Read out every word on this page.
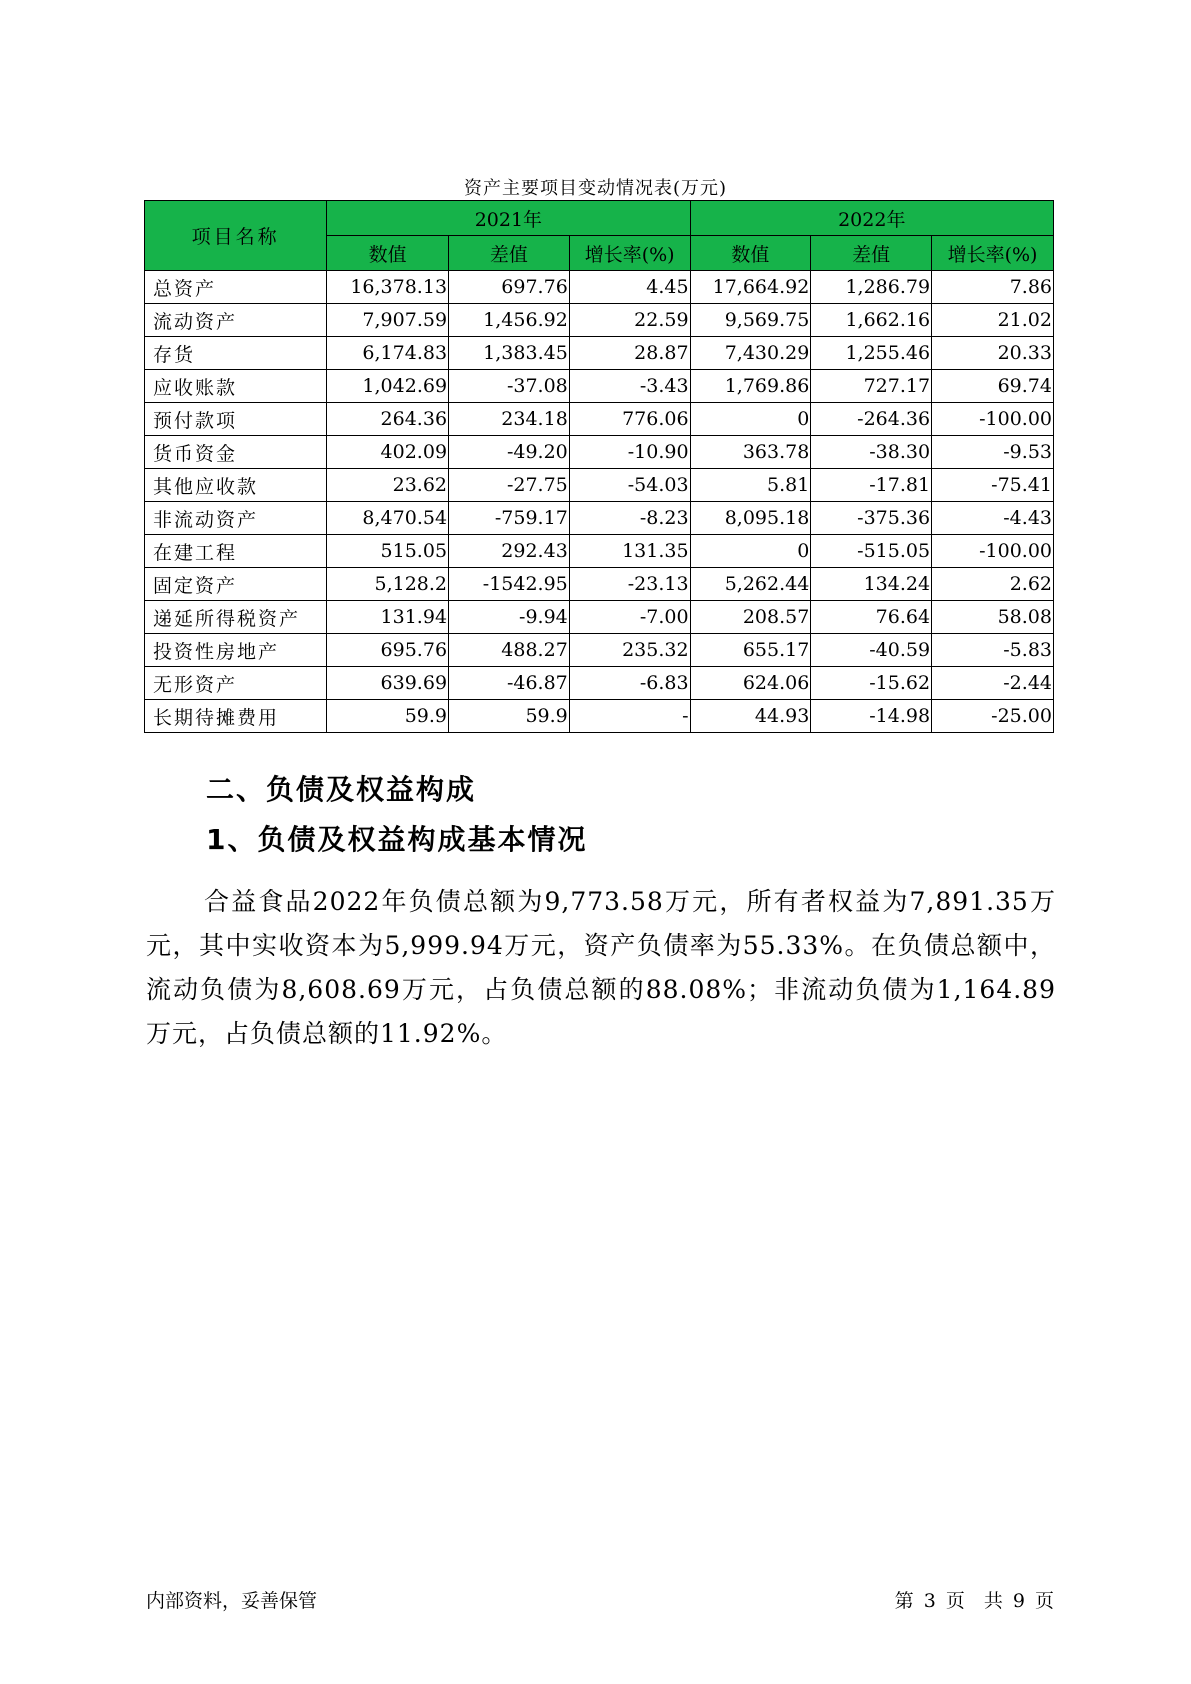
资产主要项目变动情况表(万元)
项目名称	2021年			2022年		
	数值	差值	增长率(%)	数值	差值	增长率(%)
总资产	16,378.13	697.76	4.45	17,664.92	1,286.79	7.86
流动资产	7,907.59	1,456.92	22.59	9,569.75	1,662.16	21.02
存货	6,174.83	1,383.45	28.87	7,430.29	1,255.46	20.33
应收账款	1,042.69	-37.08	-3.43	1,769.86	727.17	69.74
预付款项	264.36	234.18	776.06	0	-264.36	-100.00
货币资金	402.09	-49.20	-10.90	363.78	-38.30	-9.53
其他应收款	23.62	-27.75	-54.03	5.81	-17.81	-75.41
非流动资产	8,470.54	-759.17	-8.23	8,095.18	-375.36	-4.43
在建工程	515.05	292.43	131.35	0	-515.05	-100.00
固定资产	5,128.2	-1542.95	-23.13	5,262.44	134.24	2.62
递延所得税资产	131.94	-9.94	-7.00	208.57	76.64	58.08
投资性房地产	695.76	488.27	235.32	655.17	-40.59	-5.83
无形资产	639.69	-46.87	-6.83	624.06	-15.62	-2.44
长期待摊费用	59.9	59.9	-	44.93	-14.98	-25.00
二、负债及权益构成
1、负债及权益构成基本情况

合益食品2022年负债总额为9,773.58万元，所有者权益为7,891.35万元，其中实收资本为5,999.94万元，资产负债率为55.33%。在负债总额中，流动负债为8,608.69万元，占负债总额的88.08%；非流动负债为1,164.89万元，占负债总额的11.92%。

内部资料，妥善保管	第 3 页　共 9 页
